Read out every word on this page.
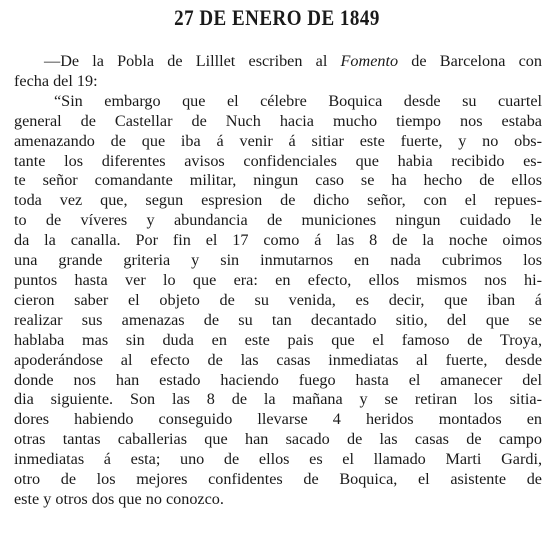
27 DE ENERO DE 1849
—De la Pobla de Lilllet escriben al Fomento de Barcelona con
fecha del 19:
“Sin embargo que el célebre Boquica desde su cuartel
general de Castellar de Nuch hacia mucho tiempo nos estaba
amenazando de que iba á venir á sitiar este fuerte, y no obs-
tante los diferentes avisos confidenciales que habia recibido es-
te señor comandante militar, ningun caso se ha hecho de ellos
toda vez que, segun espresion de dicho señor, con el repues-
to de víveres y abundancia de municiones ningun cuidado le
da la canalla. Por fin el 17 como á las 8 de la noche oimos
una grande griteria y sin inmutarnos en nada cubrimos los
puntos hasta ver lo que era: en efecto, ellos mismos nos hi-
cieron saber el objeto de su venida, es decir, que iban á
realizar sus amenazas de su tan decantado sitio, del que se
hablaba mas sin duda en este pais que el famoso de Troya,
apoderándose al efecto de las casas inmediatas al fuerte, desde
donde nos han estado haciendo fuego hasta el amanecer del
dia siguiente. Son las 8 de la mañana y se retiran los sitia-
dores habiendo conseguido llevarse 4 heridos montados en
otras tantas caballerias que han sacado de las casas de campo
inmediatas á esta; uno de ellos es el llamado Marti Gardi,
otro de los mejores confidentes de Boquica, el asistente de
este y otros dos que no conozco.
